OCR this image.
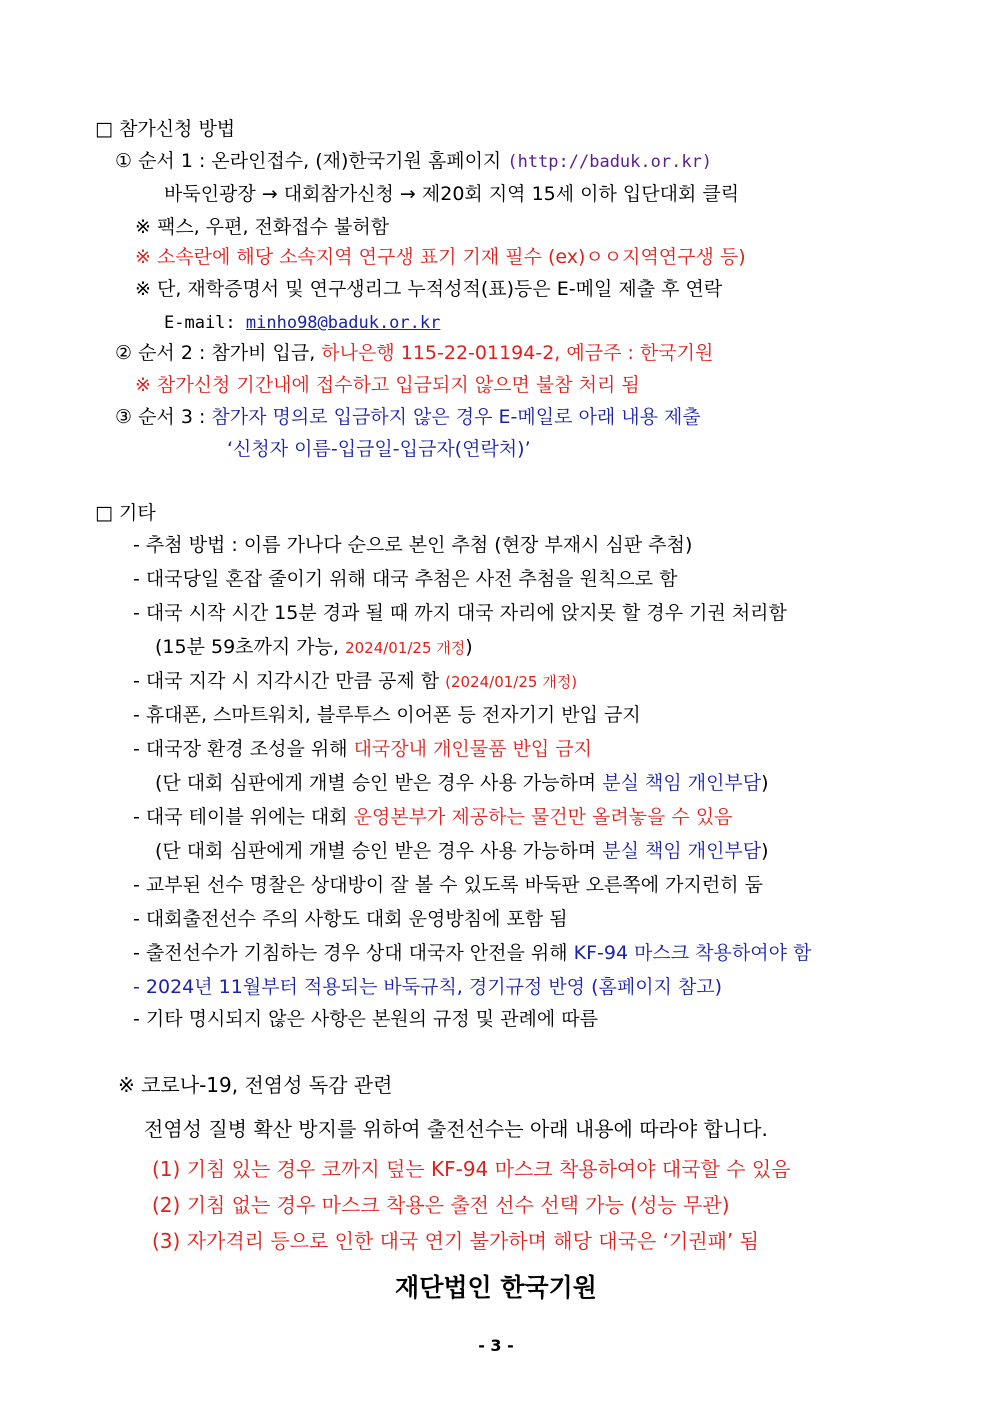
□ 참가신청 방법
① 순서 1 : 온라인접수, (재)한국기원 홈페이지 (http://baduk.or.kr)
바둑인광장 → 대회참가신청 → 제20회 지역 15세 이하 입단대회 클릭
※ 팩스, 우편, 전화접수 불허함
※ 소속란에 해당 소속지역 연구생 표기 기재 필수 (ex)ㅇㅇ지역연구생 등)
※ 단, 재학증명서 및 연구생리그 누적성적(표)등은 E-메일 제출 후 연락
E-mail: minho98@baduk.or.kr
② 순서 2 : 참가비 입금, 하나은행 115-22-01194-2, 예금주 : 한국기원
※ 참가신청 기간내에 접수하고 입금되지 않으면 불참 처리 됨
③ 순서 3 : 참가자 명의로 입금하지 않은 경우 E-메일로 아래 내용 제출
‘신청자 이름-입금일-입금자(연락처)’
□ 기타
- 추첨 방법 : 이름 가나다 순으로 본인 추첨 (현장 부재시 심판 추첨)
- 대국당일 혼잡 줄이기 위해 대국 추첨은 사전 추첨을 원칙으로 함
- 대국 시작 시간 15분 경과 될 때 까지 대국 자리에 앉지못 할 경우 기권 처리함
(15분 59초까지 가능, 2024/01/25 개정)
- 대국 지각 시 지각시간 만큼 공제 함 (2024/01/25 개정)
- 휴대폰, 스마트워치, 블루투스 이어폰 등 전자기기 반입 금지
- 대국장 환경 조성을 위해 대국장내 개인물품 반입 금지
(단 대회 심판에게 개별 승인 받은 경우 사용 가능하며 분실 책임 개인부담)
- 대국 테이블 위에는 대회 운영본부가 제공하는 물건만 올려놓을 수 있음
(단 대회 심판에게 개별 승인 받은 경우 사용 가능하며 분실 책임 개인부담)
- 교부된 선수 명찰은 상대방이 잘 볼 수 있도록 바둑판 오른쪽에 가지런히 둠
- 대회출전선수 주의 사항도 대회 운영방침에 포함 됨
- 출전선수가 기침하는 경우 상대 대국자 안전을 위해 KF-94 마스크 착용하여야 함
- 2024년 11월부터 적용되는 바둑규칙, 경기규정 반영 (홈페이지 참고)
- 기타 명시되지 않은 사항은 본원의 규정 및 관례에 따름
※ 코로나-19, 전염성 독감 관련
전염성 질병 확산 방지를 위하여 출전선수는 아래 내용에 따라야 합니다.
(1) 기침 있는 경우 코까지 덮는 KF-94 마스크 착용하여야 대국할 수 있음
(2) 기침 없는 경우 마스크 착용은 출전 선수 선택 가능 (성능 무관)
(3) 자가격리 등으로 인한 대국 연기 불가하며 해당 대국은 ‘기권패’ 됨
재단법인 한국기원
- 3 -
